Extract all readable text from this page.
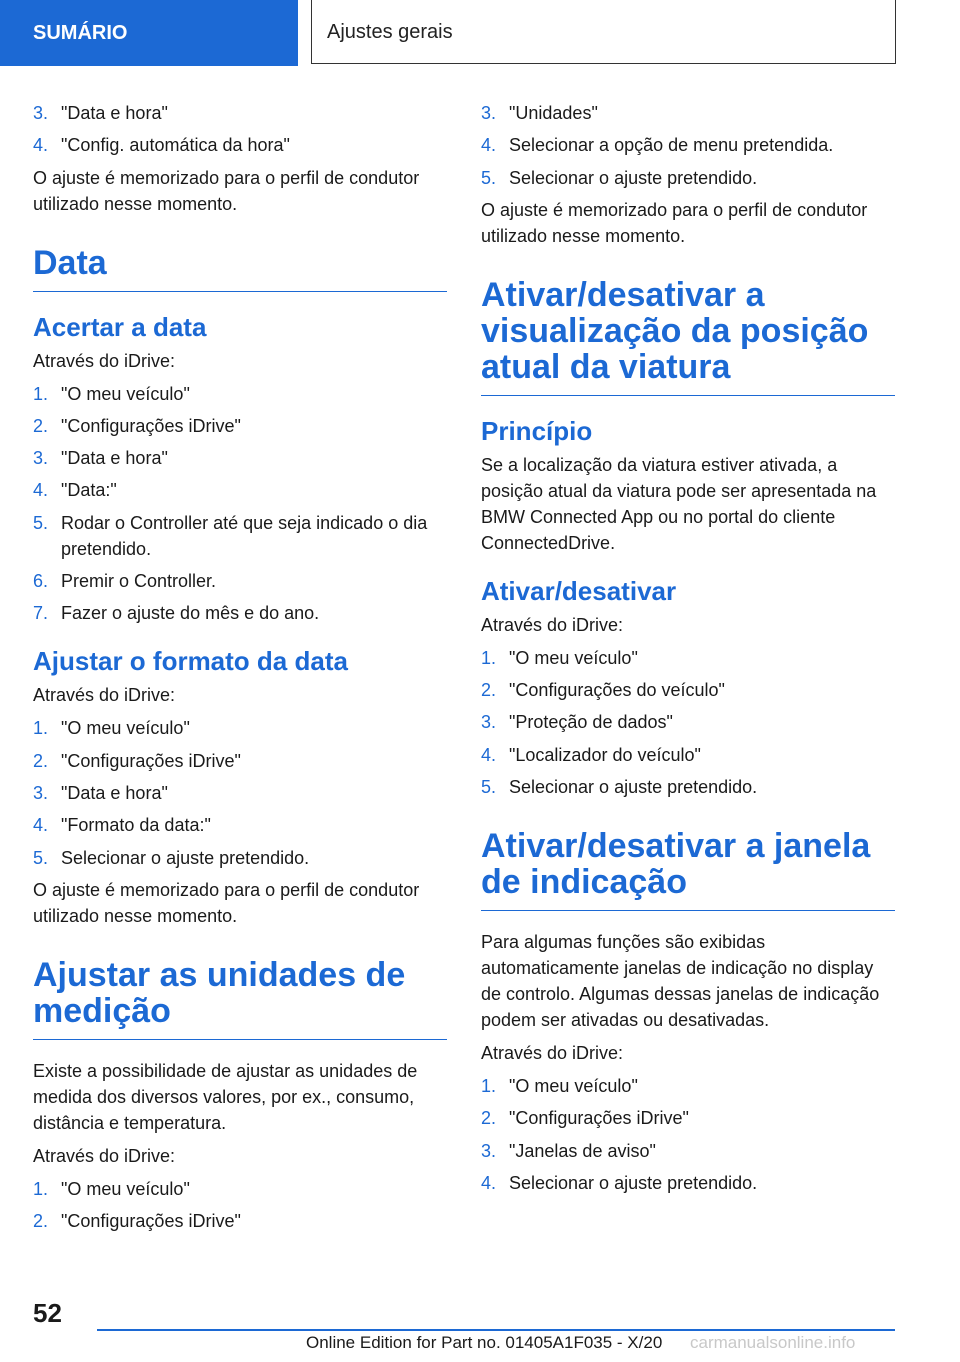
SUMÁRIO	Ajustes gerais
3. "Data e hora"
4. "Config. automática da hora"

O ajuste é memorizado para o perfil de condutor utilizado nesse momento.

Data
Acertar a data

Através do iDrive:

1. "O meu veículo"
2. "Configurações iDrive"
3. "Data e hora"
4. "Data:"
5. Rodar o Controller até que seja indicado o dia pretendido.
6. Premir o Controller.
7. Fazer o ajuste do mês e do ano.
Ajustar o formato da data

Através do iDrive:

1. "O meu veículo"
2. "Configurações iDrive"
3. "Data e hora"
4. "Formato da data:"
5. Selecionar o ajuste pretendido.

O ajuste é memorizado para o perfil de condutor utilizado nesse momento.

Ajustar as unidades de medição

Existe a possibilidade de ajustar as unidades de medida dos diversos valores, por ex., consumo, distância e temperatura.

Através do iDrive:

1. "O meu veículo"
2. "Configurações iDrive"
3. "Unidades"
4. Selecionar a opção de menu pretendida.
5. Selecionar o ajuste pretendido.

O ajuste é memorizado para o perfil de condutor utilizado nesse momento.

Ativar/desativar a visualização da posição atual da viatura
Princípio

Se a localização da viatura estiver ativada, a posição atual da viatura pode ser apresentada na BMW Connected App ou no portal do cliente ConnectedDrive.

Ativar/desativar

Através do iDrive:

1. "O meu veículo"
2. "Configurações do veículo"
3. "Proteção de dados"
4. "Localizador do veículo"
5. Selecionar o ajuste pretendido.
Ativar/desativar a janela de indicação

Para algumas funções são exibidas automaticamente janelas de indicação no display de controlo. Algumas dessas janelas de indicação podem ser ativadas ou desativadas.

Através do iDrive:

1. "O meu veículo"
2. "Configurações iDrive"
3. "Janelas de aviso"
4. Selecionar o ajuste pretendido.
52
Online Edition for Part no. 01405A1F035 - X/20 carmanualsonline.info
